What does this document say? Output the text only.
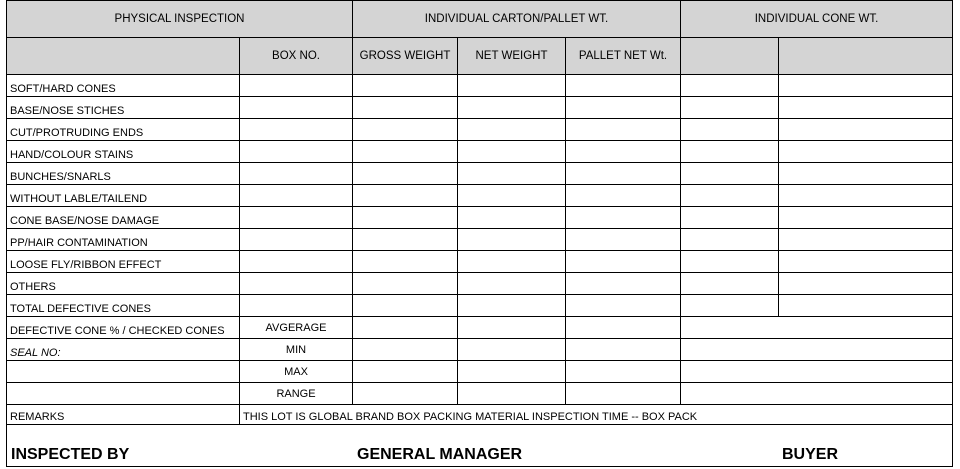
PHYSICAL INSPECTION		INDIVIDUAL CARTON/PALLET WT.			INDIVIDUAL CONE WT.	
	BOX NO.	GROSS WEIGHT	NET WEIGHT	PALLET NET Wt.		
SOFT/HARD CONES						
BASE/NOSE STICHES						
CUT/PROTRUDING ENDS						
HAND/COLOUR STAINS						
BUNCHES/SNARLS						
WITHOUT LABLE/TAILEND						
CONE BASE/NOSE DAMAGE						
PP/HAIR CONTAMINATION						
LOOSE FLY/RIBBON EFFECT						
OTHERS						
TOTAL DEFECTIVE CONES						
DEFECTIVE CONE % / CHECKED CONES	AVGERAGE					
SEAL NO:	MIN					
	MAX					
	RANGE					
REMARKS	THIS LOT IS GLOBAL BRAND BOX PACKING MATERIAL INSPECTION TIME -- BOX PACK					

INSPECTED BY GENERAL MANAGER BUYER						
